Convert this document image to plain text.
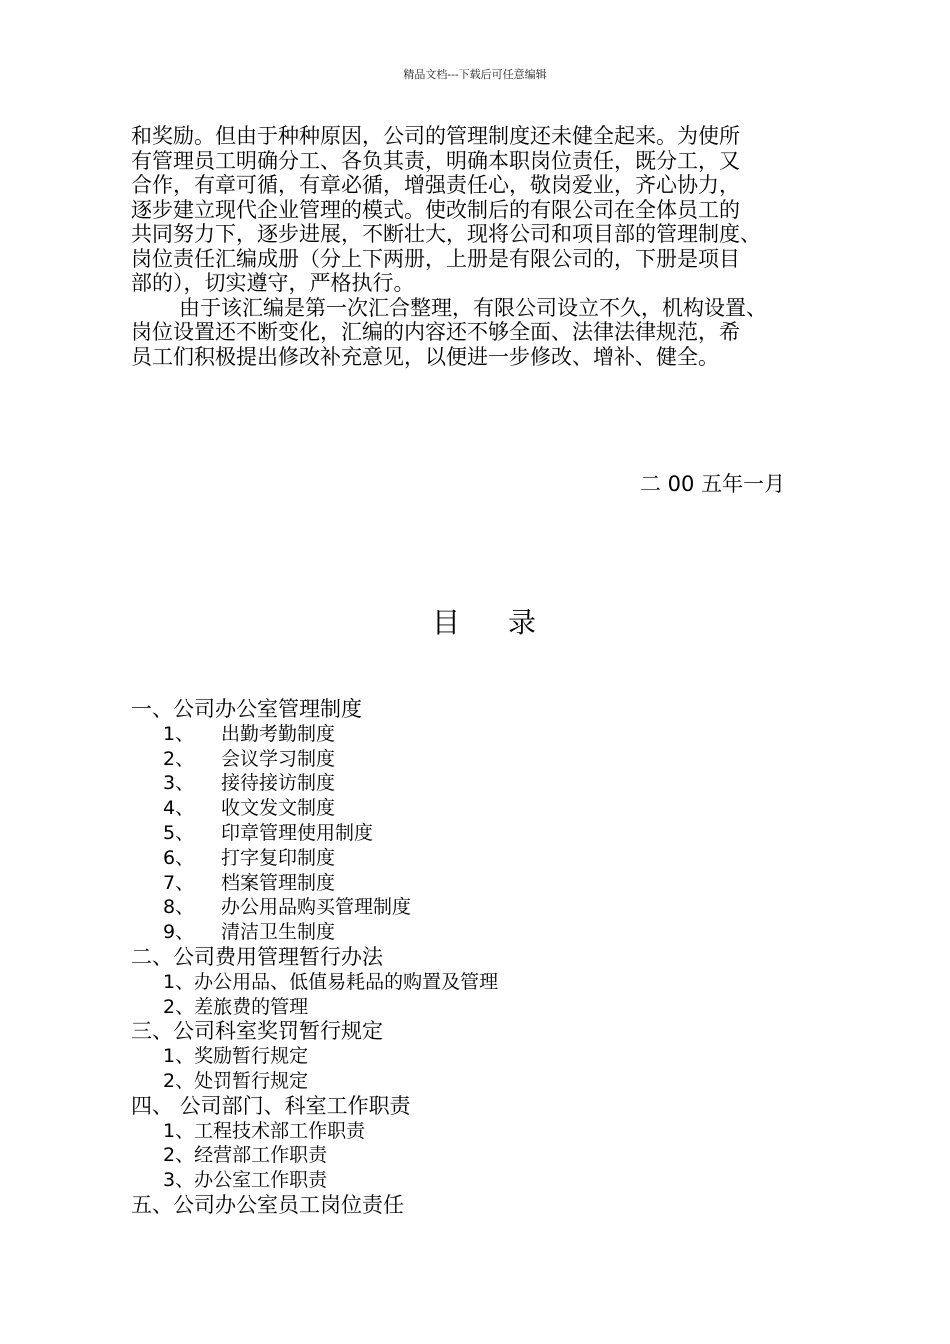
精品文档---下载后可任意编辑

和奖励。但由于种种原因，公司的管理制度还未健全起来。为使所
有管理员工明确分工、各负其责，明确本职岗位责任，既分工，又
合作，有章可循，有章必循，增强责任心，敬岗爱业，齐心协力，
逐步建立现代企业管理的模式。使改制后的有限公司在全体员工的
共同努力下，逐步进展，不断壮大，现将公司和项目部的管理制度、
岗位责任汇编成册（分上下两册，上册是有限公司的，下册是项目
部的），切实遵守，严格执行。

由于该汇编是第一次汇合整理，有限公司设立不久，机构设置、
岗位设置还不断变化，汇编的内容还不够全面、法律法律规范，希
员工们积极提出修改补充意见，以便进一步修改、增补、健全。

二 00 五年一月
目录
一、公司办公室管理制度
1、 出勤考勤制度
2、 会议学习制度
3、 接待接访制度
4、 收文发文制度
5、 印章管理使用制度
6、 打字复印制度
7、 档案管理制度
8、 办公用品购买管理制度
9、 清洁卫生制度
二、公司费用管理暂行办法
1、办公用品、低值易耗品的购置及管理
2、差旅费的管理
三、公司科室奖罚暂行规定
1、奖励暂行规定
2、处罚暂行规定
四、 公司部门、科室工作职责
1、工程技术部工作职责
2、经营部工作职责
3、办公室工作职责
五、公司办公室员工岗位责任
